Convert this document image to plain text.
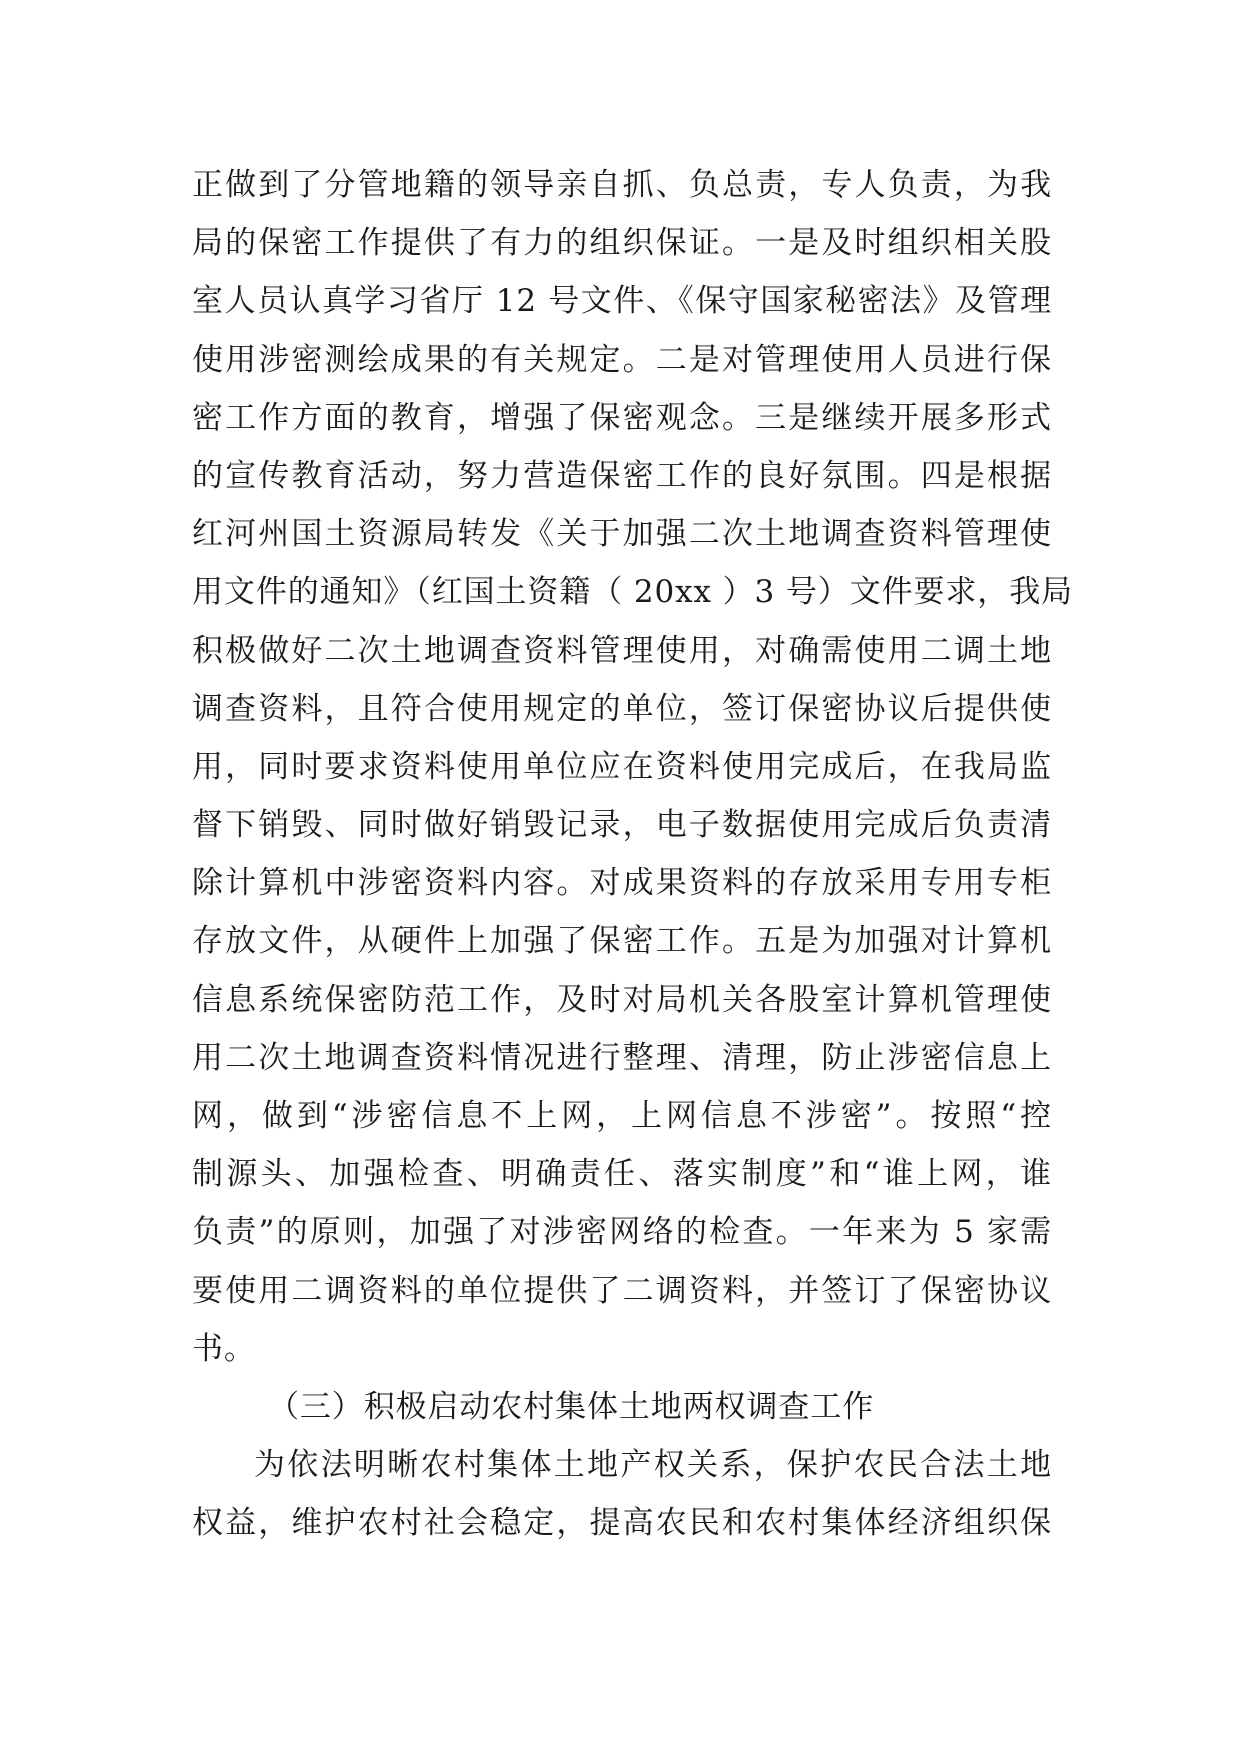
正做到了分管地籍的领导亲自抓、负总责，专人负责，为我
局的保密工作提供了有力的组织保证。一是及时组织相关股
室人员认真学习省厅 12 号文件、《保守国家秘密法》及管理
使用涉密测绘成果的有关规定。二是对管理使用人员进行保
密工作方面的教育，增强了保密观念。三是继续开展多形式
的宣传教育活动，努力营造保密工作的良好氛围。四是根据
红河州国土资源局转发《关于加强二次土地调查资料管理使
用文件的通知》（红国土资籍（ 20xx ）3 号）文件要求，我局
积极做好二次土地调查资料管理使用，对确需使用二调土地
调查资料，且符合使用规定的单位，签订保密协议后提供使
用，同时要求资料使用单位应在资料使用完成后，在我局监
督下销毁、同时做好销毁记录，电子数据使用完成后负责清
除计算机中涉密资料内容。对成果资料的存放采用专用专柜
存放文件，从硬件上加强了保密工作。五是为加强对计算机
信息系统保密防范工作，及时对局机关各股室计算机管理使
用二次土地调查资料情况进行整理、清理，防止涉密信息上
网，做到“涉密信息不上网，上网信息不涉密”。按照“控
制源头、加强检查、明确责任、落实制度”和“谁上网，谁
负责”的原则，加强了对涉密网络的检查。一年来为 5 家需
要使用二调资料的单位提供了二调资料，并签订了保密协议
书。
（三）积极启动农村集体土地两权调查工作
为依法明晰农村集体土地产权关系，保护农民合法土地
权益，维护农村社会稳定，提高农民和农村集体经济组织保
